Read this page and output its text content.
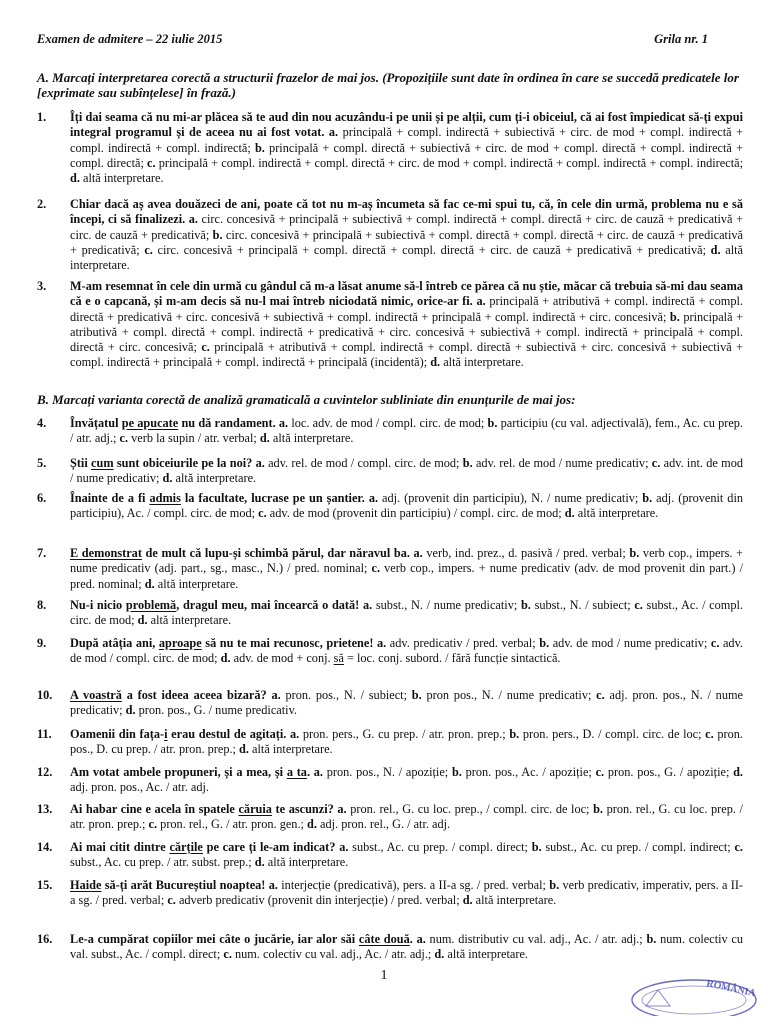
Examen de admitere – 22 iulie 2015	Grila nr. 1
A. Marcați interpretarea corectă a structurii frazelor de mai jos. (Propozițiile sunt date în ordinea în care se succedă predicatele lor [exprimate sau subînțelese] în frază.)
1.	Îți dai seama că nu mi-ar plăcea să te aud din nou acuzându-i pe unii și pe alții, cum ți-i obiceiul, că ai fost împiedicat să-ți expui integral programul și de aceea nu ai fost votat. a. principală + compl. indirectă + subiectivă + circ. de mod + compl. indirectă + compl. indirectă + compl. indirectă; b. principală + compl. directă + subiectivă + circ. de mod + compl. directă + compl. indirectă + compl. directă; c. principală + compl. indirectă + compl. directă + circ. de mod + compl. indirectă + compl. indirectă + compl. indirectă; d. altă interpretare.
2.	Chiar dacă aș avea douăzeci de ani, poate că tot nu m-aș încumeta să fac ce-mi spui tu, că, în cele din urmă, problema nu e să începi, ci să finalizezi. a. circ. concesivă + principală + subiectivă + compl. indirectă + compl. directă + circ. de cauză + predicativă + circ. de cauză + predicativă; b. circ. concesivă + principală + subiectivă + compl. directă + compl. directă + circ. de cauză + predicativă + predicativă; c. circ. concesivă + principală + compl. directă + compl. directă + circ. de cauză + predicativă + predicativă; d. altă interpretare.
3.	M-am resemnat în cele din urmă cu gândul că m-a lăsat anume să-l întreb ce părea că nu știe, măcar că trebuia să-mi dau seama că e o capcană, și m-am decis să nu-l mai întreb niciodată nimic, orice-ar fi. a. principală + atributivă + compl. indirectă + compl. directă + predicativă + circ. concesivă + subiectivă + compl. indirectă + principală + compl. indirectă + circ. concesivă; b. principală + atributivă + compl. directă + compl. indirectă + predicativă + circ. concesivă + subiectivă + compl. indirectă + principală + compl. directă + circ. concesivă; c. principală + atributivă + compl. indirectă + compl. directă + subiectivă + circ. concesivă + subiectivă + compl. indirectă + principală + compl. indirectă + principală (incidentă); d. altă interpretare.
B. Marcați varianta corectă de analiză gramaticală a cuvintelor subliniate din enunțurile de mai jos:
4.	Învățatul pe apucate nu dă randament. a. loc. adv. de mod / compl. circ. de mod; b. participiu (cu val. adjectivală), fem., Ac. cu prep. / atr. adj.; c. verb la supin / atr. verbal; d. altă interpretare.
5.	Știi cum sunt obiceiurile pe la noi? a. adv. rel. de mod / compl. circ. de mod; b. adv. rel. de mod / nume predicativ; c. adv. int. de mod / nume predicativ; d. altă interpretare.
6.	Înainte de a fi admis la facultate, lucrase pe un șantier. a. adj. (provenit din participiu), N. / nume predicativ; b. adj. (provenit din participiu), Ac. / compl. circ. de mod; c. adv. de mod (provenit din participiu) / compl. circ. de mod; d. altă interpretare.
7.	E demonstrat de mult că lupu-și schimbă părul, dar năravul ba. a. verb, ind. prez., d. pasivă / pred. verbal; b. verb cop., impers. + nume predicativ (adj. part., sg., masc., N.) / pred. nominal; c. verb cop., impers. + nume predicativ (adv. de mod provenit din part.) / pred. nominal; d. altă interpretare.
8.	Nu-i nicio problemă, dragul meu, mai încearcă o dată! a. subst., N. / nume predicativ; b. subst., N. / subiect; c. subst., Ac. / compl. circ. de mod; d. altă interpretare.
9.	După atâția ani, aproape să nu te mai recunosc, prietene! a. adv. predicativ / pred. verbal; b. adv. de mod / nume predicativ; c. adv. de mod / compl. circ. de mod; d. adv. de mod + conj. să = loc. conj. subord. / fără funcție sintactică.
10.	A voastră a fost ideea aceea bizară? a. pron. pos., N. / subiect; b. pron pos., N. / nume predicativ; c. adj. pron. pos., N. / nume predicativ; d. pron. pos., G. / nume predicativ.
11.	Oamenii din fața-i erau destul de agitați. a. pron. pers., G. cu prep. / atr. pron. prep.; b. pron. pers., D. / compl. circ. de loc; c. pron. pos., D. cu prep. / atr. pron. prep.; d. altă interpretare.
12.	Am votat ambele propuneri, și a mea, și a ta. a. pron. pos., N. / apoziție; b. pron. pos., Ac. / apoziție; c. pron. pos., G. / apoziție; d. adj. pron. pos., Ac. / atr. adj.
13.	Ai habar cine e acela în spatele căruia te ascunzi? a. pron. rel., G. cu loc. prep., / compl. circ. de loc; b. pron. rel., G. cu loc. prep. / atr. pron. prep.; c. pron. rel., G. / atr. pron. gen.; d. adj. pron. rel., G. / atr. adj.
14.	Ai mai citit dintre cărțile pe care ți le-am indicat? a. subst., Ac. cu prep. / compl. direct; b. subst., Ac. cu prep. / compl. indirect; c. subst., Ac. cu prep. / atr. subst. prep.; d. altă interpretare.
15.	Haide să-ți arăt Bucureștiul noaptea! a. interjecție (predicativă), pers. a II-a sg. / pred. verbal; b. verb predicativ, imperativ, pers. a II-a sg. / pred. verbal; c. adverb predicativ (provenit din interjecție) / pred. verbal; d. altă interpretare.
16.	Le-a cumpărat copiilor mei câte o jucărie, iar alor săi câte două. a. num. distributiv cu val. adj., Ac. / atr. adj.; b. num. colectiv cu val. subst., Ac. / compl. direct; c. num. colectiv cu val. adj., Ac. / atr. adj.; d. altă interpretare.
1
ROMÂNIA
